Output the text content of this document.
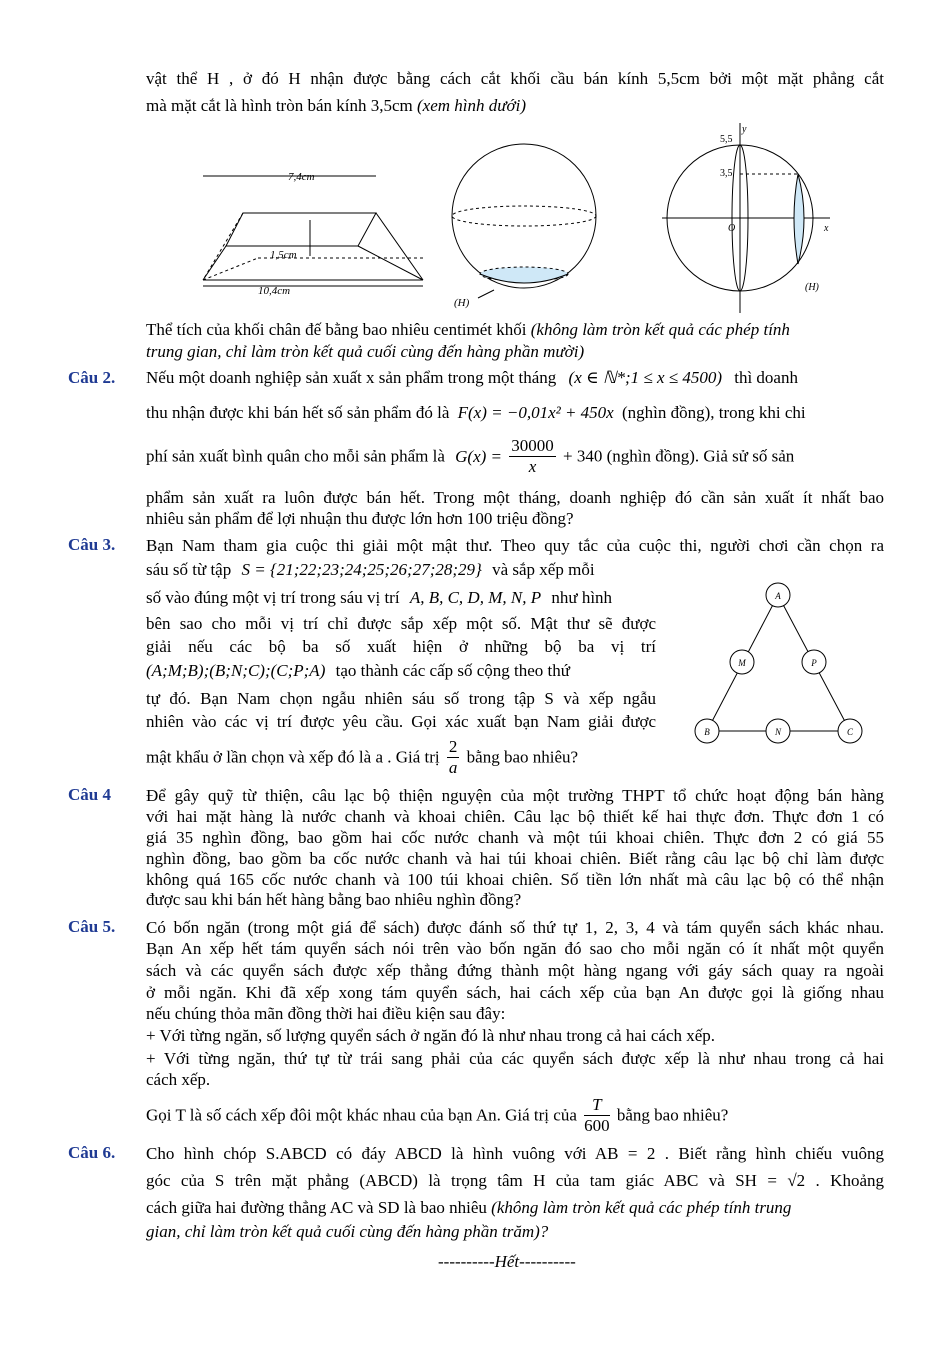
vật thể H , ở đó H nhận được bằng cách cắt khối cầu bán kính 5,5cm bởi một mặt phẳng cắt
mà mặt cắt là hình tròn bán kính 3,5cm (xem hình dưới)
7,4cm
1,5cm
10,4cm
(H)
y
5,5
3,5
O	x
(H)
Thể tích của khối chân đế bằng bao nhiêu centimét khối (không làm tròn kết quả các phép tính
trung gian, chỉ làm tròn kết quả cuối cùng đến hàng phần mười)
Câu 2. Nếu một doanh nghiệp sản xuất x sản phẩm trong một tháng (x ∈ ℕ*;1 ≤ x ≤ 4500) thì doanh
thu nhận được khi bán hết số sản phẩm đó là F(x) = −0,01x² + 450x (nghìn đồng), trong khi chi
phí sản xuất bình quân cho mỗi sản phẩm là $G(x) = \frac{30000}{x} + 340$ (nghìn đồng). Giả sử số sản
phẩm sản xuất ra luôn được bán hết. Trong một tháng, doanh nghiệp đó cần sản xuất ít nhất bao
nhiêu sản phẩm để lợi nhuận thu được lớn hơn 100 triệu đồng?
Câu 3. Bạn Nam tham gia cuộc thi giải một mật thư. Theo quy tắc của cuộc thi, người chơi cần chọn ra
sáu số từ tập S = {21;22;23;24;25;26;27;28;29} và sắp xếp mỗi
số vào đúng một vị trí trong sáu vị trí A, B, C, D, M, N, P như hình
bên sao cho mỗi vị trí chỉ được sắp xếp một số. Mật thư sẽ được
giải nếu các bộ ba số xuất hiện ở những bộ ba vị trí
(A;M;B);(B;N;C);(C;P;A) tạo thành các cấp số cộng theo thứ
tự đó. Bạn Nam chọn ngẫu nhiên sáu số trong tập S và xếp ngẫu
nhiên vào các vị trí được yêu cầu. Gọi xác xuất bạn Nam giải được
mật khẩu ở lần chọn và xếp đó là a . Giá trị $\frac{2}{a}$ bằng bao nhiêu?
A
M	P
B	N	C
Câu 4 Để gây quỹ từ thiện, câu lạc bộ thiện nguyện của một trường THPT tổ chức hoạt động bán hàng
với hai mặt hàng là nước chanh và khoai chiên. Câu lạc bộ thiết kế hai thực đơn. Thực đơn 1 có
giá 35 nghìn đồng, bao gồm hai cốc nước chanh và một túi khoai chiên. Thực đơn 2 có giá 55
nghìn đồng, bao gồm ba cốc nước chanh và hai túi khoai chiên. Biết rằng câu lạc bộ chỉ làm được
không quá 165 cốc nước chanh và 100 túi khoai chiên. Số tiền lớn nhất mà câu lạc bộ có thể nhận
được sau khi bán hết hàng bằng bao nhiêu nghìn đồng?
Câu 5. Có bốn ngăn (trong một giá để sách) được đánh số thứ tự 1, 2, 3, 4 và tám quyển sách khác nhau.
Bạn An xếp hết tám quyển sách nói trên vào bốn ngăn đó sao cho mỗi ngăn có ít nhất một quyển
sách và các quyển sách được xếp thẳng đứng thành một hàng ngang với gáy sách quay ra ngoài
ở mỗi ngăn. Khi đã xếp xong tám quyển sách, hai cách xếp của bạn An được gọi là giống nhau
nếu chúng thỏa mãn đồng thời hai điều kiện sau đây:
+ Với từng ngăn, số lượng quyển sách ở ngăn đó là như nhau trong cả hai cách xếp.
+ Với từng ngăn, thứ tự từ trái sang phải của các quyển sách được xếp là như nhau trong cả hai
cách xếp.
Gọi T là số cách xếp đôi một khác nhau của bạn An. Giá trị của $\frac{T}{600}$ bằng bao nhiêu?
Câu 6. Cho hình chóp S.ABCD có đáy ABCD là hình vuông với AB = 2 . Biết rằng hình chiếu vuông
góc của S trên mặt phẳng (ABCD) là trọng tâm H của tam giác ABC và SH = √2 . Khoảng
cách giữa hai đường thẳng AC và SD là bao nhiêu (không làm tròn kết quả các phép tính trung
gian, chỉ làm tròn kết quả cuối cùng đến hàng phần trăm)?
----------Hết----------
